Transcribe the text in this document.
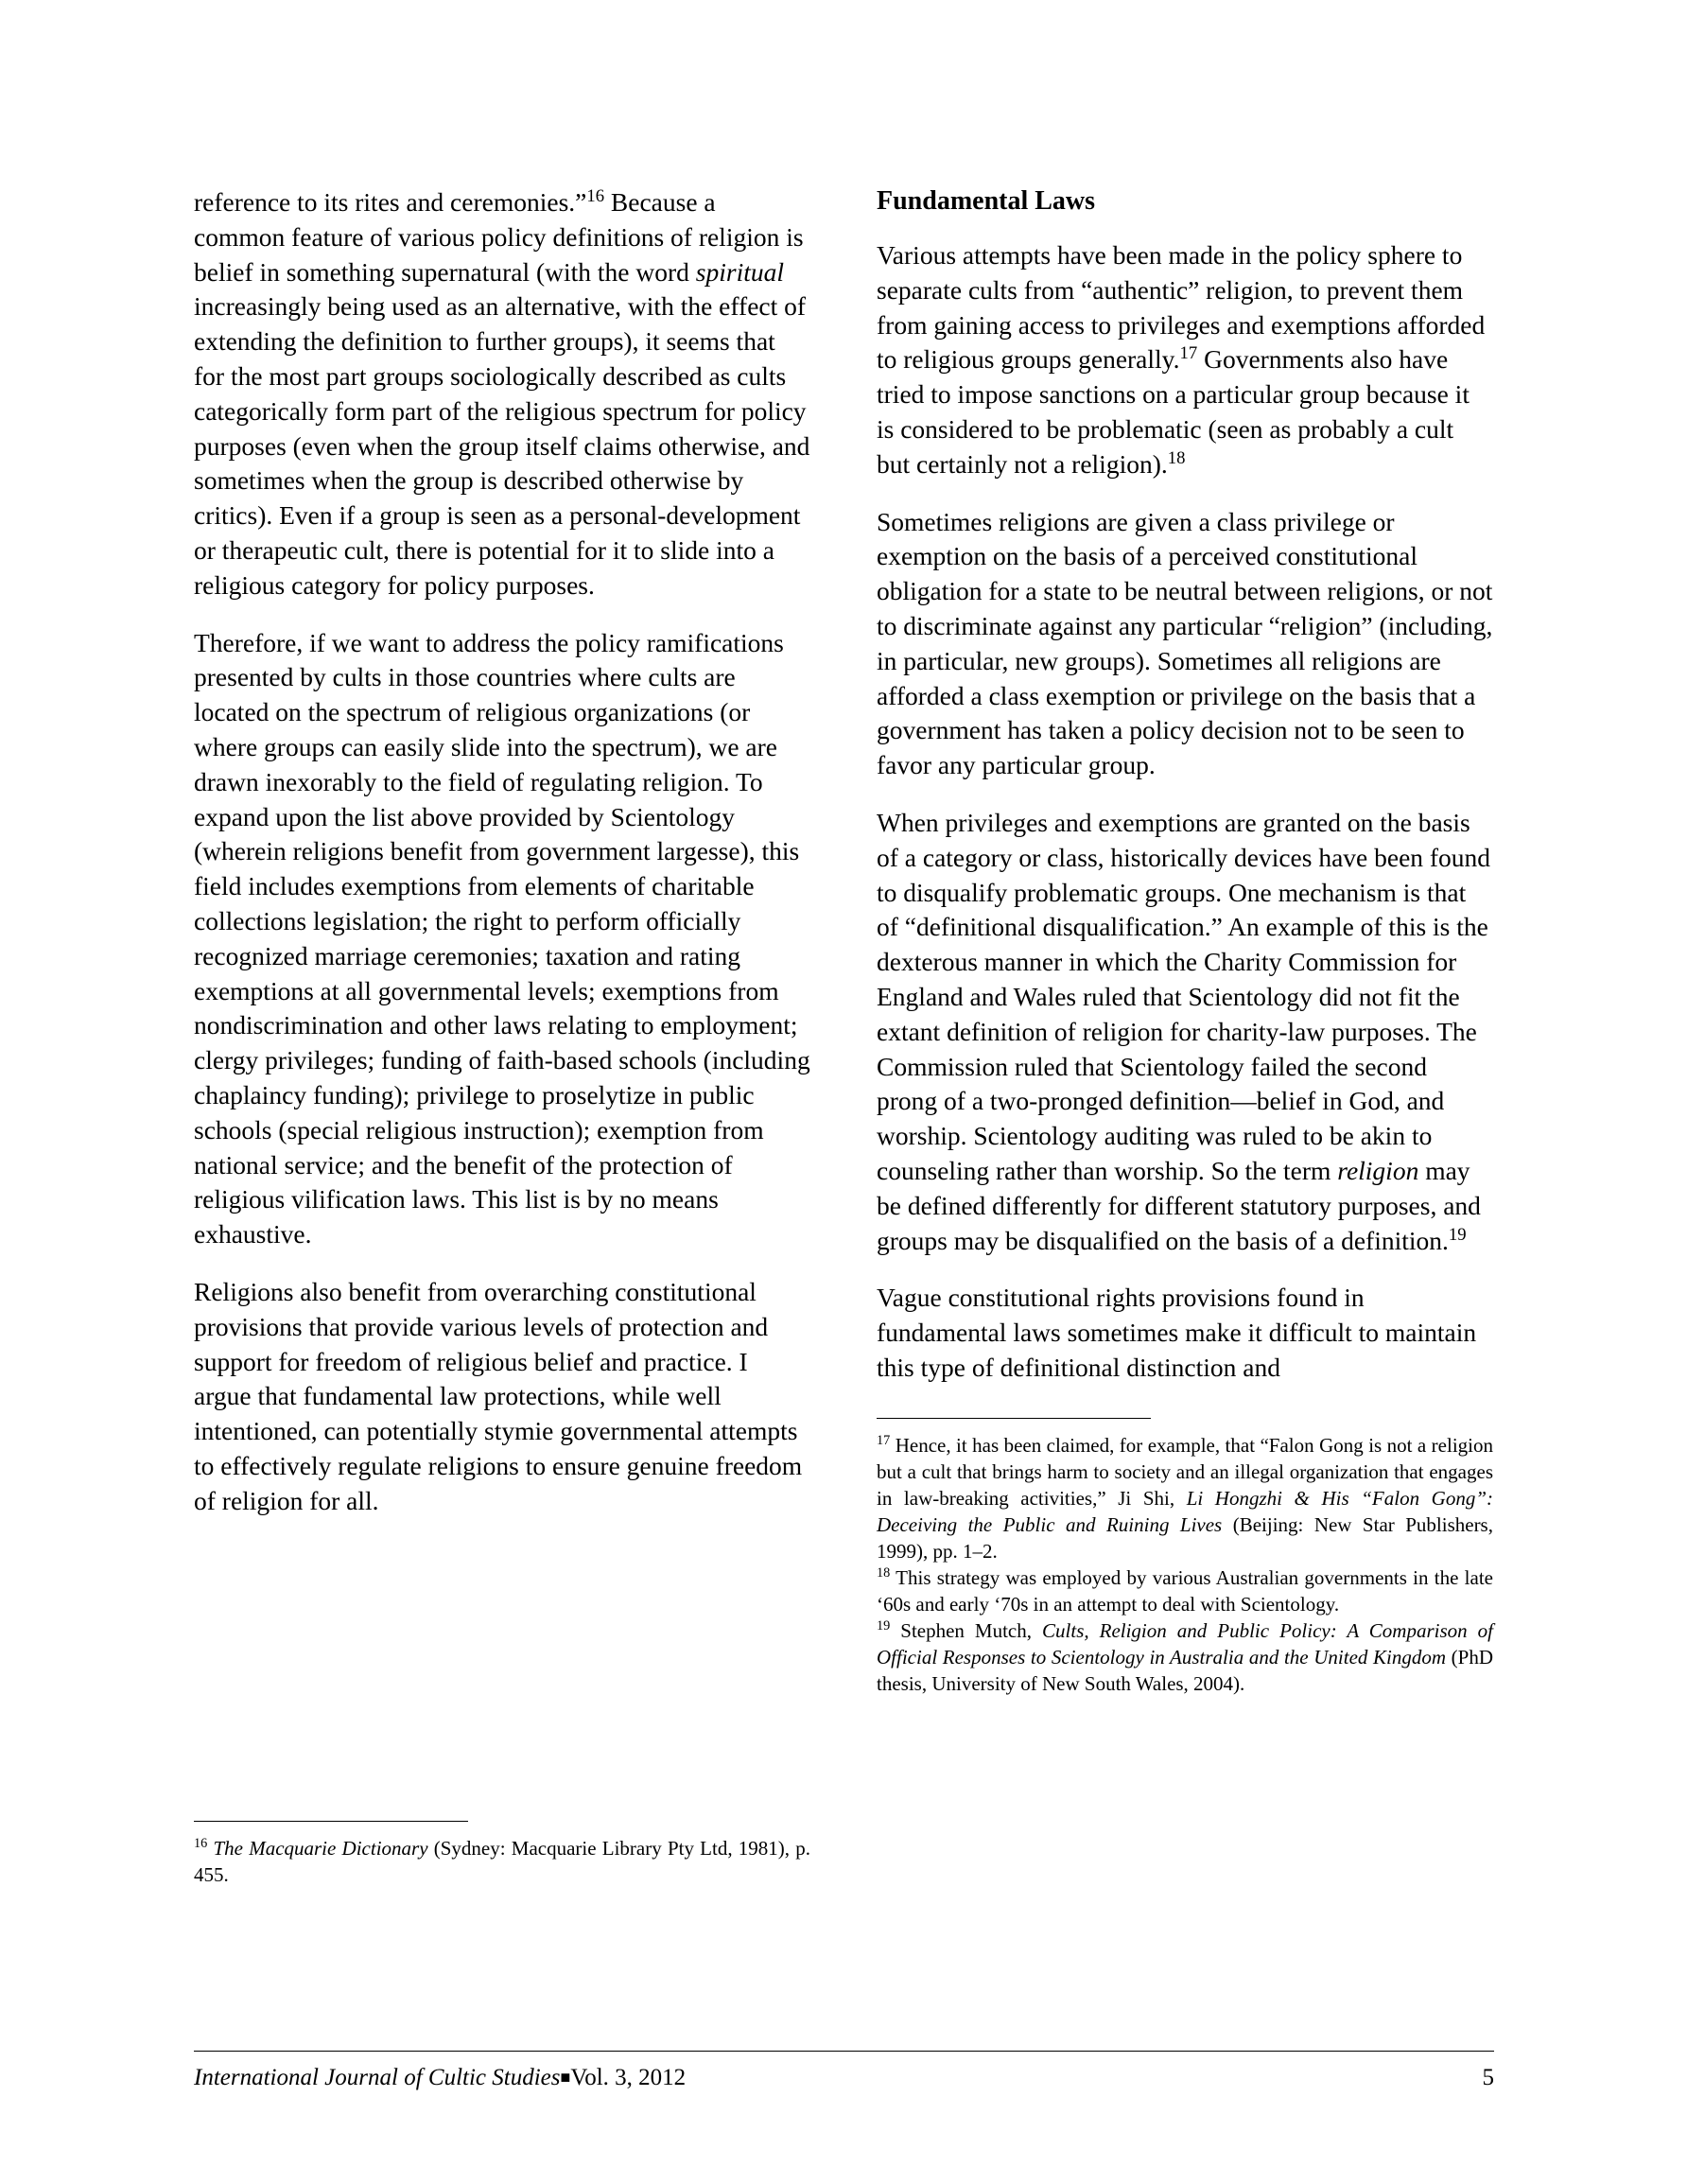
reference to its rites and ceremonies.”$^{16}$ Because a common feature of various policy definitions of religion is belief in something supernatural (with the word spiritual increasingly being used as an alternative, with the effect of extending the definition to further groups), it seems that for the most part groups sociologically described as cults categorically form part of the religious spectrum for policy purposes (even when the group itself claims otherwise, and sometimes when the group is described otherwise by critics). Even if a group is seen as a personal-development or therapeutic cult, there is potential for it to slide into a religious category for policy purposes.

Therefore, if we want to address the policy ramifications presented by cults in those countries where cults are located on the spectrum of religious organizations (or where groups can easily slide into the spectrum), we are drawn inexorably to the field of regulating religion. To expand upon the list above provided by Scientology (wherein religions benefit from government largesse), this field includes exemptions from elements of charitable collections legislation; the right to perform officially recognized marriage ceremonies; taxation and rating exemptions at all governmental levels; exemptions from nondiscrimination and other laws relating to employment; clergy privileges; funding of faith-based schools (including chaplaincy funding); privilege to proselytize in public schools (special religious instruction); exemption from national service; and the benefit of the protection of religious vilification laws. This list is by no means exhaustive.

Religions also benefit from overarching constitutional provisions that provide various levels of protection and support for freedom of religious belief and practice. I argue that fundamental law protections, while well intentioned, can potentially stymie governmental attempts to effectively regulate religions to ensure genuine freedom of religion for all.

$^{16}$ The Macquarie Dictionary (Sydney: Macquarie Library Pty Ltd, 1981), p. 455.

Fundamental Laws

Various attempts have been made in the policy sphere to separate cults from “authentic” religion, to prevent them from gaining access to privileges and exemptions afforded to religious groups generally.$^{17}$ Governments also have tried to impose sanctions on a particular group because it is considered to be problematic (seen as probably a cult but certainly not a religion).$^{18}$

Sometimes religions are given a class privilege or exemption on the basis of a perceived constitutional obligation for a state to be neutral between religions, or not to discriminate against any particular “religion” (including, in particular, new groups). Sometimes all religions are afforded a class exemption or privilege on the basis that a government has taken a policy decision not to be seen to favor any particular group.

When privileges and exemptions are granted on the basis of a category or class, historically devices have been found to disqualify problematic groups. One mechanism is that of “definitional disqualification.” An example of this is the dexterous manner in which the Charity Commission for England and Wales ruled that Scientology did not fit the extant definition of religion for charity-law purposes. The Commission ruled that Scientology failed the second prong of a two-pronged definition—belief in God, and worship. Scientology auditing was ruled to be akin to counseling rather than worship. So the term religion may be defined differently for different statutory purposes, and groups may be disqualified on the basis of a definition.$^{19}$

Vague constitutional rights provisions found in fundamental laws sometimes make it difficult to maintain this type of definitional distinction and

$^{17}$ Hence, it has been claimed, for example, that “Falon Gong is not a religion but a cult that brings harm to society and an illegal organization that engages in law-breaking activities,” Ji Shi, Li Hongzhi & His “Falon Gong”: Deceiving the Public and Ruining Lives (Beijing: New Star Publishers, 1999), pp. 1–2.

$^{18}$ This strategy was employed by various Australian governments in the late ‘60s and early ‘70s in an attempt to deal with Scientology.

$^{19}$ Stephen Mutch, Cults, Religion and Public Policy: A Comparison of Official Responses to Scientology in Australia and the United Kingdom (PhD thesis, University of New South Wales, 2004).

International Journal of Cultic Studies■Vol. 3, 2012	5
